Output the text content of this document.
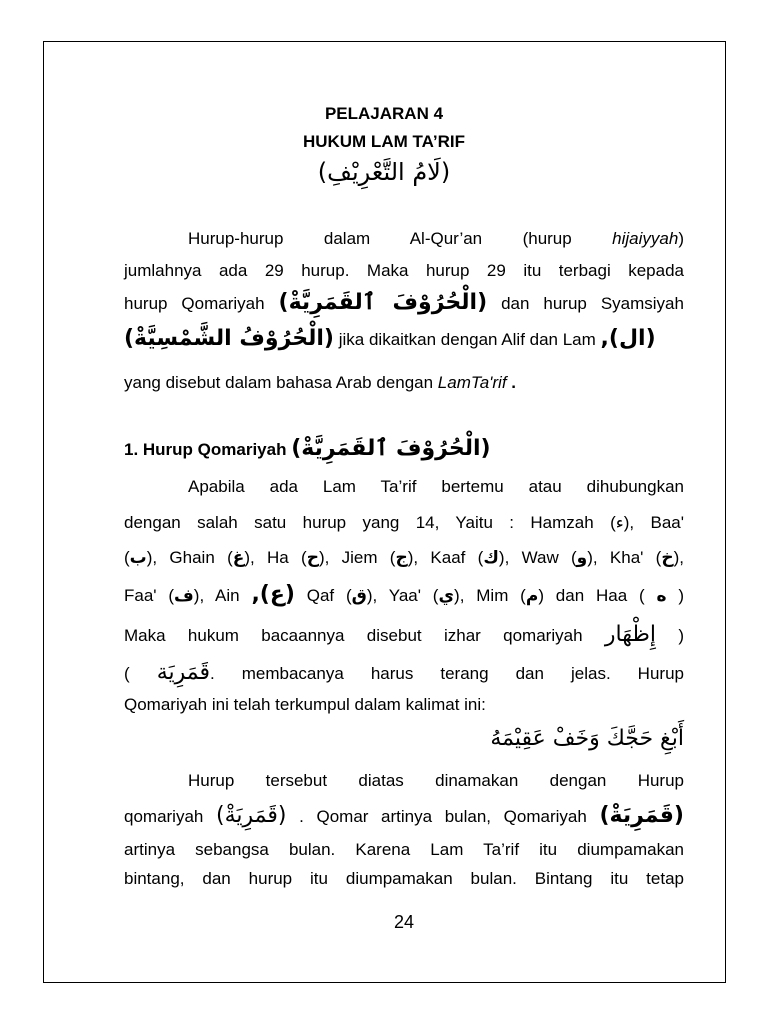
PELAJARAN 4
HUKUM LAM TA’RIF
(لَامُ التَّعْرِيْفِ)
Hurup-hurup dalam Al-Qur’an (hurup hijaiyyah)
jumlahnya ada 29 hurup. Maka hurup 29 itu terbagi kepada
hurup Qomariyah (الْحُرُوْفَ ٱلقَمَرِيَّةْ) dan hurup Syamsiyah
(الْحُرُوْفُ الشَّمْسِيَّةْ) jika dikaitkan dengan Alif dan Lam (ال),
yang disebut dalam bahasa Arab dengan LamTa'rif .
1. Hurup Qomariyah (الْحُرُوْفَ ٱلقَمَرِيَّةْ)
Apabila ada Lam Ta’rif bertemu atau dihubungkan
dengan salah satu hurup yang 14, Yaitu : Hamzah (ء), Baa'
(ب), Ghain (غ), Ha (ح), Jiem (ج), Kaaf (ك), Waw (و), Kha' (خ),
Faa' (ف), Ain (ع), Qaf (ق), Yaa' (ي), Mim (م) dan Haa ( ه )
Maka hukum bacaannya disebut izhar qomariyah إِظْهَار )
( قَمَرِيَة. membacanya harus terang dan jelas. Hurup
Qomariyah ini telah terkumpul dalam kalimat ini:
أَبْغِ حَجَّكَ وَخَفْ عَقِيْمَهُ
Hurup tersebut diatas dinamakan dengan Hurup
qomariyah (قَمَرِيَةْ) . Qomar artinya bulan, Qomariyah (قَمَرِيَةْ)
artinya sebangsa bulan. Karena Lam Ta’rif itu diumpamakan
bintang, dan hurup itu diumpamakan bulan. Bintang itu tetap
24
